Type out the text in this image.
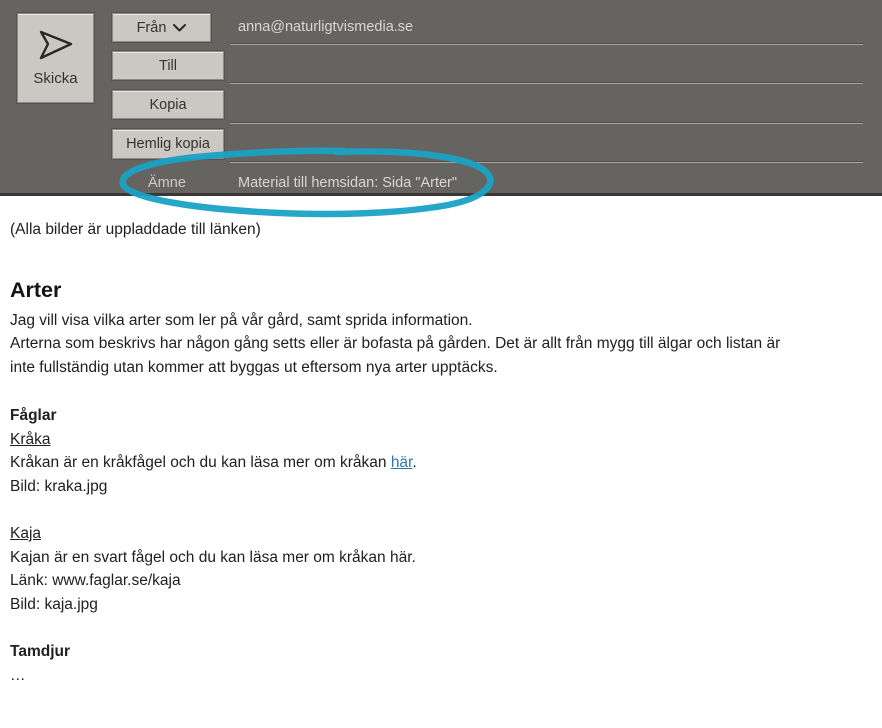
Skicka
Från
Till
Kopia
Hemlig kopia
anna@naturligtvismedia.se
Ämne	Material till hemsidan: Sida "Arter"
(Alla bilder är uppladdade till länken)
Arter
Jag vill visa vilka arter som ler på vår gård, samt sprida information.
Arterna som beskrivs har någon gång setts eller är bofasta på gården. Det är allt från mygg till älgar och listan är
inte fullständig utan kommer att byggas ut eftersom nya arter upptäcks.
Fåglar
Kråka
Kråkan är en kråkfågel och du kan läsa mer om kråkan här.
Bild: kraka.jpg
Kaja
Kajan är en svart fågel och du kan läsa mer om kråkan här.
Länk: www.faglar.se/kaja
Bild: kaja.jpg
Tamdjur
…
